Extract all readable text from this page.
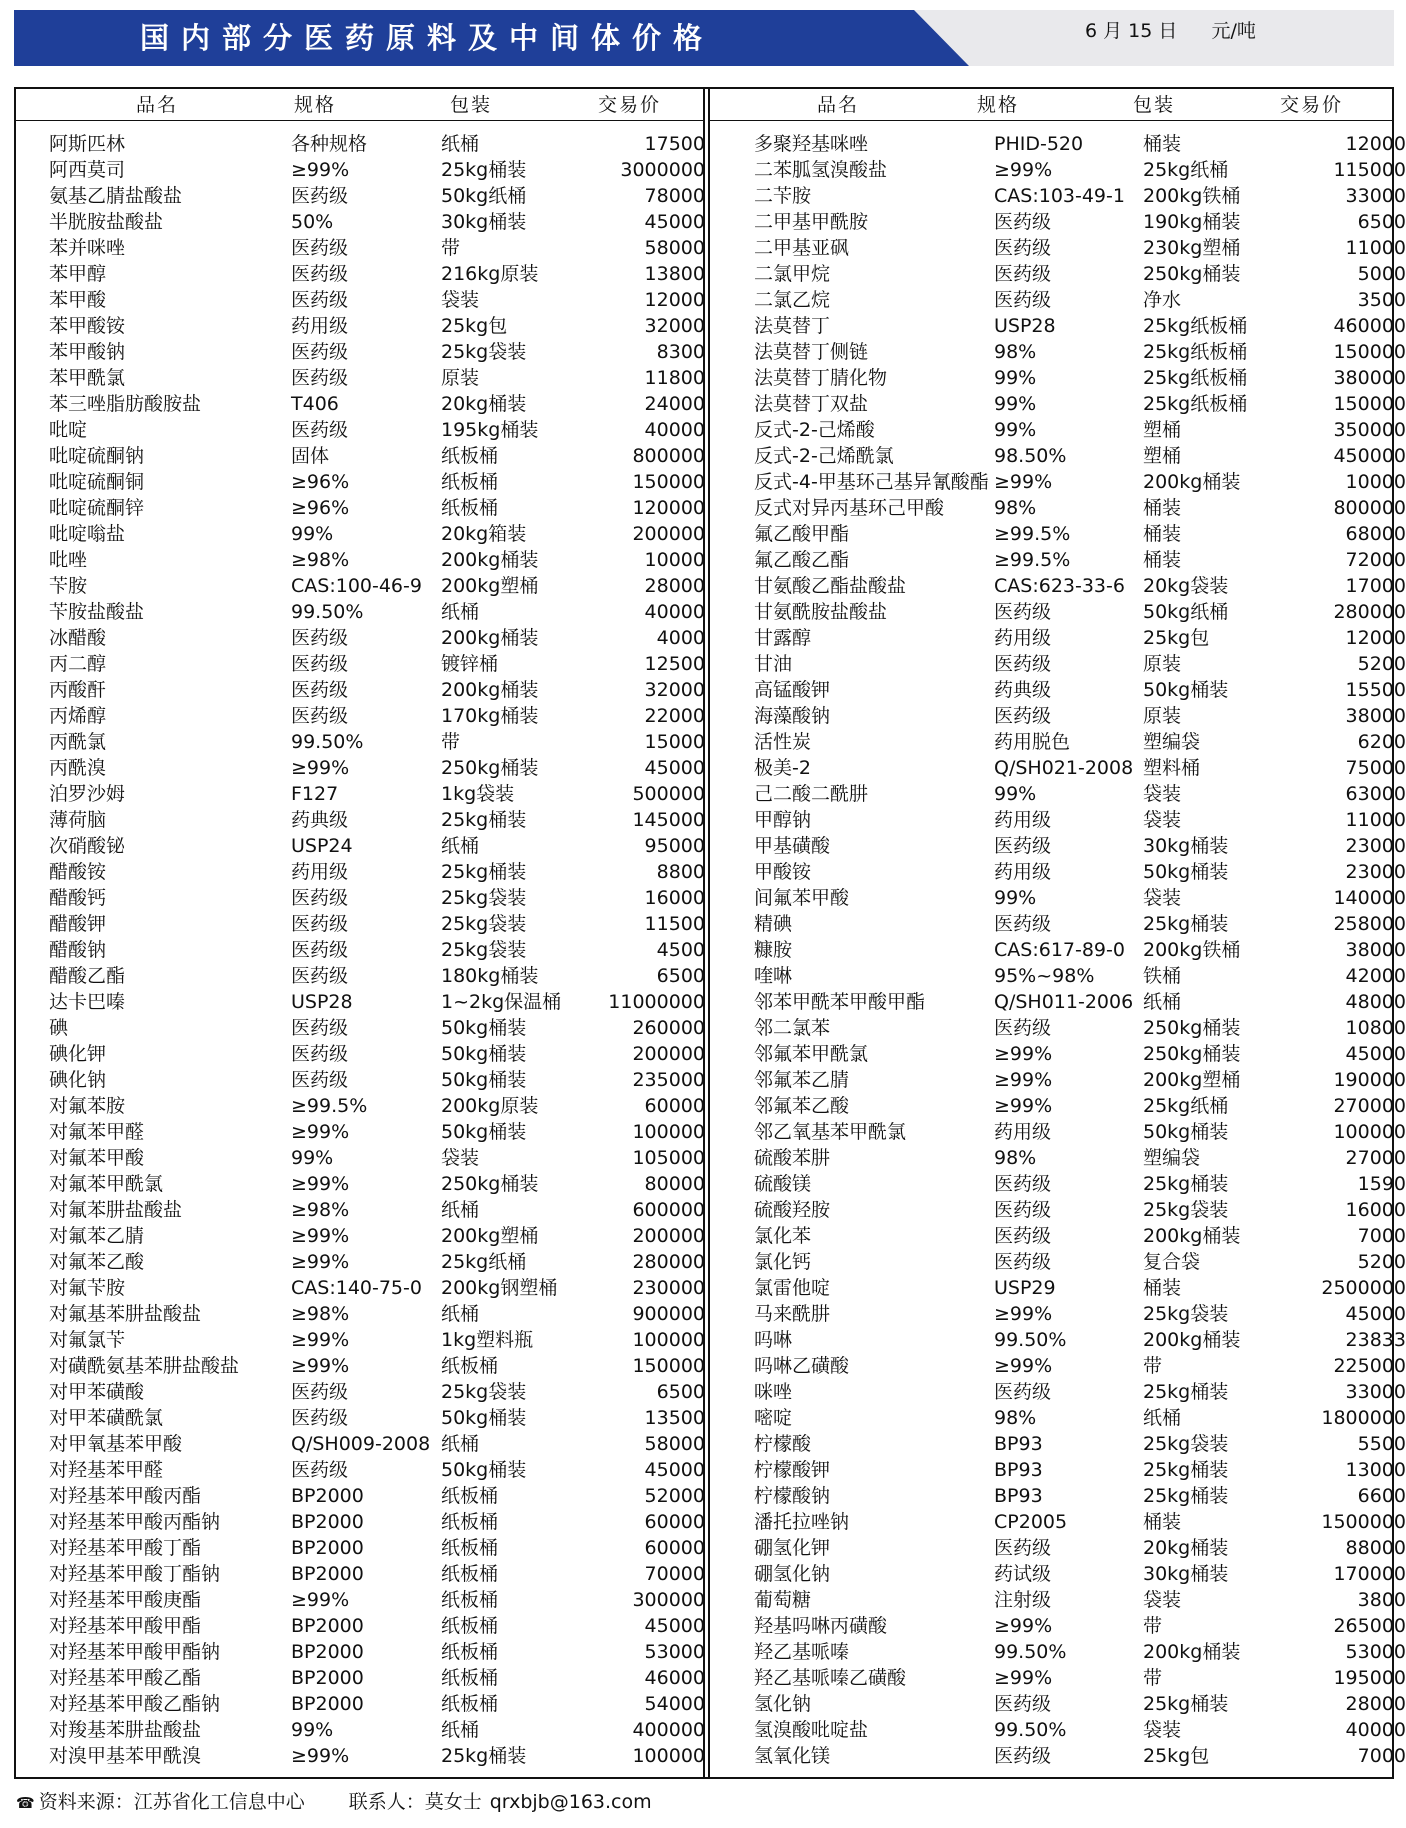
国内部分医药原料及中间体价格	6 月 15 日 元/吨
品名	规格	包装	交易价	品名	规格	包装	交易价
阿斯匹林	各种规格	纸桶	17500
阿西莫司	≥99%	25kg桶装	3000000
氨基乙腈盐酸盐	医药级	50kg纸桶	78000
半胱胺盐酸盐	50%	30kg桶装	45000
苯并咪唑	医药级	带	58000
苯甲醇	医药级	216kg原装	13800
苯甲酸	医药级	袋装	12000
苯甲酸铵	药用级	25kg包	32000
苯甲酸钠	医药级	25kg袋装	8300
苯甲酰氯	医药级	原装	11800
苯三唑脂肪酸胺盐	T406	20kg桶装	24000
吡啶	医药级	195kg桶装	40000
吡啶硫酮钠	固体	纸板桶	800000
吡啶硫酮铜	≥96%	纸板桶	150000
吡啶硫酮锌	≥96%	纸板桶	120000
吡啶嗡盐	99%	20kg箱装	200000
吡唑	≥98%	200kg桶装	10000
苄胺	CAS:100-46-9 200kg塑桶	28000
苄胺盐酸盐	99.50%	纸桶	40000
冰醋酸	医药级	200kg桶装	4000
丙二醇	医药级	镀锌桶	12500
丙酸酐	医药级	200kg桶装	32000
丙烯醇	医药级	170kg桶装	22000
丙酰氯	99.50%	带	15000
丙酰溴	≥99%	250kg桶装	45000
泊罗沙姆	F127	1kg袋装	500000
薄荷脑	药典级	25kg桶装	145000
次硝酸铋	USP24	纸桶	95000
醋酸铵	药用级	25kg桶装	8800
醋酸钙	医药级	25kg袋装	16000
醋酸钾	医药级	25kg袋装	11500
醋酸钠	医药级	25kg袋装	4500
醋酸乙酯	医药级	180kg桶装	6500
达卡巴嗪	USP28	1~2kg保温桶	11000000
碘	医药级	50kg桶装	260000
碘化钾	医药级	50kg桶装	200000
碘化钠	医药级	50kg桶装	235000
对氟苯胺	≥99.5%	200kg原装	60000
对氟苯甲醛	≥99%	50kg桶装	100000
对氟苯甲酸	99%	袋装	105000
对氟苯甲酰氯	≥99%	250kg桶装	80000
对氟苯肼盐酸盐	≥98%	纸桶	600000
对氟苯乙腈	≥99%	200kg塑桶	200000
对氟苯乙酸	≥99%	25kg纸桶	280000
对氟苄胺	CAS:140-75-0 200kg钢塑桶	230000
对氟基苯肼盐酸盐	≥98%	纸桶	900000
对氟氯苄	≥99%	1kg塑料瓶	100000
对磺酰氨基苯肼盐酸盐	≥99%	纸板桶	150000
对甲苯磺酸	医药级	25kg袋装	6500
对甲苯磺酰氯	医药级	50kg桶装	13500
对甲氧基苯甲酸	Q/SH009-2008 纸桶	58000
对羟基苯甲醛	医药级	50kg桶装	45000
对羟基苯甲酸丙酯	BP2000	纸板桶	52000
对羟基苯甲酸丙酯钠	BP2000	纸板桶	60000
对羟基苯甲酸丁酯	BP2000	纸板桶	60000
对羟基苯甲酸丁酯钠	BP2000	纸板桶	70000
对羟基苯甲酸庚酯	≥99%	纸板桶	300000
对羟基苯甲酸甲酯	BP2000	纸板桶	45000
对羟基苯甲酸甲酯钠	BP2000	纸板桶	53000
对羟基苯甲酸乙酯	BP2000	纸板桶	46000
对羟基苯甲酸乙酯钠	BP2000	纸板桶	54000
对羧基苯肼盐酸盐	99%	纸桶	400000
对溴甲基苯甲酰溴	≥99%	25kg桶装	100000
多聚羟基咪唑	PHID-520	桶装	12000
二苯胍氢溴酸盐	≥99%	25kg纸桶	115000
二苄胺	CAS:103-49-1 200kg铁桶	33000
二甲基甲酰胺	医药级	190kg桶装	6500
二甲基亚砜	医药级	230kg塑桶	11000
二氯甲烷	医药级	250kg桶装	5000
二氯乙烷	医药级	净水	3500
法莫替丁	USP28	25kg纸板桶	460000
法莫替丁侧链	98%	25kg纸板桶	150000
法莫替丁腈化物	99%	25kg纸板桶	380000
法莫替丁双盐	99%	25kg纸板桶	150000
反式-2-己烯酸	99%	塑桶	350000
反式-2-己烯酰氯	98.50%	塑桶	450000
反式-4-甲基环己基异氰酸酯 ≥99%	200kg桶装	10000
反式对异丙基环己甲酸	98%	桶装	800000
氟乙酸甲酯	≥99.5%	桶装	68000
氟乙酸乙酯	≥99.5%	桶装	72000
甘氨酸乙酯盐酸盐	CAS:623-33-6 20kg袋装	17000
甘氨酰胺盐酸盐	医药级	50kg纸桶	280000
甘露醇	药用级	25kg包	12000
甘油	医药级	原装	5200
高锰酸钾	药典级	50kg桶装	15500
海藻酸钠	医药级	原装	38000
活性炭	药用脱色	塑编袋	6200
极美-2	Q/SH021-2008 塑料桶	75000
己二酸二酰肼	99%	袋装	63000
甲醇钠	药用级	袋装	11000
甲基磺酸	医药级	30kg桶装	23000
甲酸铵	药用级	50kg桶装	23000
间氟苯甲酸	99%	袋装	140000
精碘	医药级	25kg桶装	258000
糠胺	CAS:617-89-0 200kg铁桶	38000
喹啉	95%~98%	铁桶	42000
邻苯甲酰苯甲酸甲酯	Q/SH011-2006 纸桶	48000
邻二氯苯	医药级	250kg桶装	10800
邻氟苯甲酰氯	≥99%	250kg桶装	45000
邻氟苯乙腈	≥99%	200kg塑桶	190000
邻氟苯乙酸	≥99%	25kg纸桶	270000
邻乙氧基苯甲酰氯	药用级	50kg桶装	100000
硫酸苯肼	98%	塑编袋	27000
硫酸镁	医药级	25kg桶装	1590
硫酸羟胺	医药级	25kg袋装	16000
氯化苯	医药级	200kg桶装	7000
氯化钙	医药级	复合袋	5200
氯雷他啶	USP29	桶装	2500000
马来酰肼	≥99%	25kg袋装	45000
吗啉	99.50%	200kg桶装	23833
吗啉乙磺酸	≥99%	带	225000
咪唑	医药级	25kg桶装	33000
嘧啶	98%	纸桶	1800000
柠檬酸	BP93	25kg袋装	5500
柠檬酸钾	BP93	25kg桶装	13000
柠檬酸钠	BP93	25kg桶装	6600
潘托拉唑钠	CP2005	桶装	1500000
硼氢化钾	医药级	20kg桶装	88000
硼氢化钠	药试级	30kg桶装	170000
葡萄糖	注射级	袋装	3800
羟基吗啉丙磺酸	≥99%	带	265000
羟乙基哌嗪	99.50%	200kg桶装	53000
羟乙基哌嗪乙磺酸	≥99%	带	195000
氢化钠	医药级	25kg桶装	28000
氢溴酸吡啶盐	99.50%	袋装	40000
氢氧化镁	医药级	25kg包	7000
☎ 资料来源：江苏省化工信息中心 联系人：莫女士 qrxbjb@163.com
